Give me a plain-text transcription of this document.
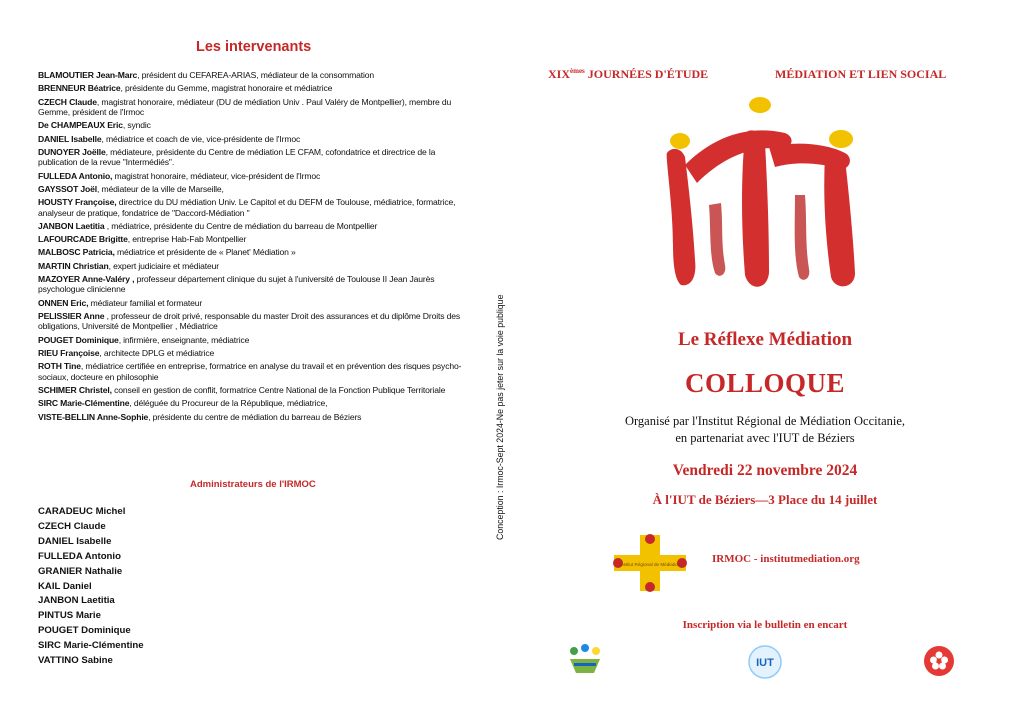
Les intervenants
BLAMOUTIER Jean-Marc, président du CEFAREA-ARIAS, médiateur de la consommation
BRENNEUR Béatrice, présidente du Gemme, magistrat honoraire et médiatrice
CZECH Claude, magistrat honoraire, médiateur (DU de médiation Univ . Paul Valéry de Montpellier), membre du Gemme, président de l'Irmoc
De CHAMPEAUX Eric, syndic
DANIEL Isabelle, médiatrice et coach de vie, vice-présidente de l'Irmoc
DUNOYER Joëlle, médiateure, présidente du Centre de médiation LE CFAM, cofondatrice et directrice de la publication de la revue "Intermédiés".
FULLEDA Antonio, magistrat honoraire, médiateur, vice-président de l'Irmoc
GAYSSOT Joël, médiateur de la ville de Marseille,
HOUSTY Françoise, directrice du DU médiation Univ. Le Capitol et du DEFM de Toulouse, médiatrice, formatrice, analyseur de pratique, fondatrice de "Daccord-Médiation "
JANBON Laetitia , médiatrice, présidente du Centre de médiation du barreau de Montpellier
LAFOURCADE Brigitte, entreprise Hab-Fab Montpellier
MALBOSC Patricia, médiatrice et présidente de « Planet' Médiation »
MARTIN Christian, expert judiciaire et médiateur
MAZOYER Anne-Valéry , professeur département clinique du sujet à l'université de Toulouse II Jean Jaurès psychologue clinicienne
ONNEN Eric, médiateur familial et formateur
PELISSIER Anne , professeur de droit privé, responsable du master Droit des assurances et du diplôme Droits des obligations, Université de Montpellier , Médiatrice
POUGET Dominique, infirmière, enseignante, médiatrice
RIEU Françoise, architecte DPLG et médiatrice
ROTH Tine, médiatrice certifiée en entreprise, formatrice en analyse du travail et en prévention des risques psycho-sociaux, docteure en philosophie
SCHIMER Christel, conseil en gestion de conflit, formatrice Centre National de la Fonction Publique Territoriale
SIRC Marie-Clémentine, déléguée du Procureur de la République, médiatrice,
VISTE-BELLIN Anne-Sophie, présidente du centre de médiation du barreau de Béziers
Administrateurs de l'IRMOC
CARADEUC Michel
CZECH Claude
DANIEL Isabelle
FULLEDA Antonio
GRANIER Nathalie
KAIL Daniel
JANBON Laetitia
PINTUS Marie
POUGET Dominique
SIRC Marie-Clémentine
VATTINO Sabine
Conception : Irmoc-Sept 2024-Ne pas jeter sur la voie publique
XIXèmes JOURNÉES D'ÉTUDE	MÉDIATION ET LIEN SOCIAL
Le Réflexe Médiation
COLLOQUE
Organisé par l'Institut Régional de Médiation Occitanie,
en partenariat avec l'IUT de Béziers
Vendredi 22 novembre 2024
À l'IUT de Béziers—3 Place du 14 juillet
Institut Régional de Médiation	IRMOC - institutmediation.org
Inscription via le bulletin en encart
IUT
